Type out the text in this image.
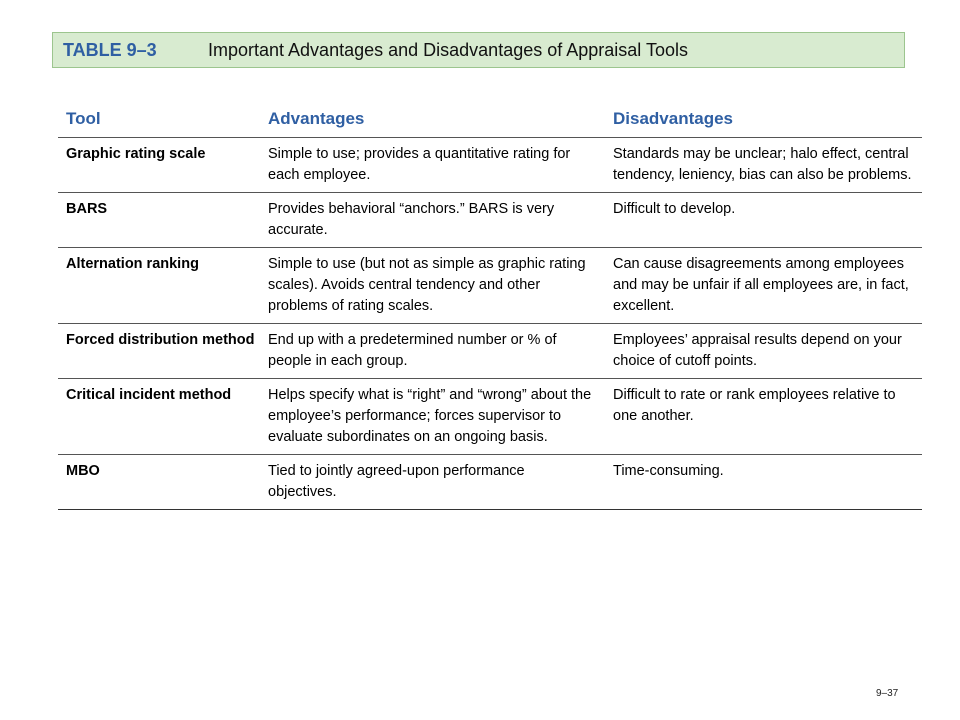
TABLE 9–3	Important Advantages and Disadvantages of Appraisal Tools
Tool	Advantages	Disadvantages
Graphic rating scale	Simple to use; provides a quantitative rating for each employee.	Standards may be unclear; halo effect, central tendency, leniency, bias can also be problems.
BARS	Provides behavioral “anchors.” BARS is very accurate.	Difficult to develop.
Alternation ranking	Simple to use (but not as simple as graphic rating scales). Avoids central tendency and other problems of rating scales.	Can cause disagreements among employees and may be unfair if all employees are, in fact, excellent.
Forced distribution method	End up with a predetermined number or % of people in each group.	Employees’ appraisal results depend on your choice of cutoff points.
Critical incident method	Helps specify what is “right” and “wrong” about the employee’s performance; forces supervisor to evaluate subordinates on an ongoing basis.	Difficult to rate or rank employees relative to one another.
MBO	Tied to jointly agreed-upon performance objectives.	Time-consuming.
9–37
